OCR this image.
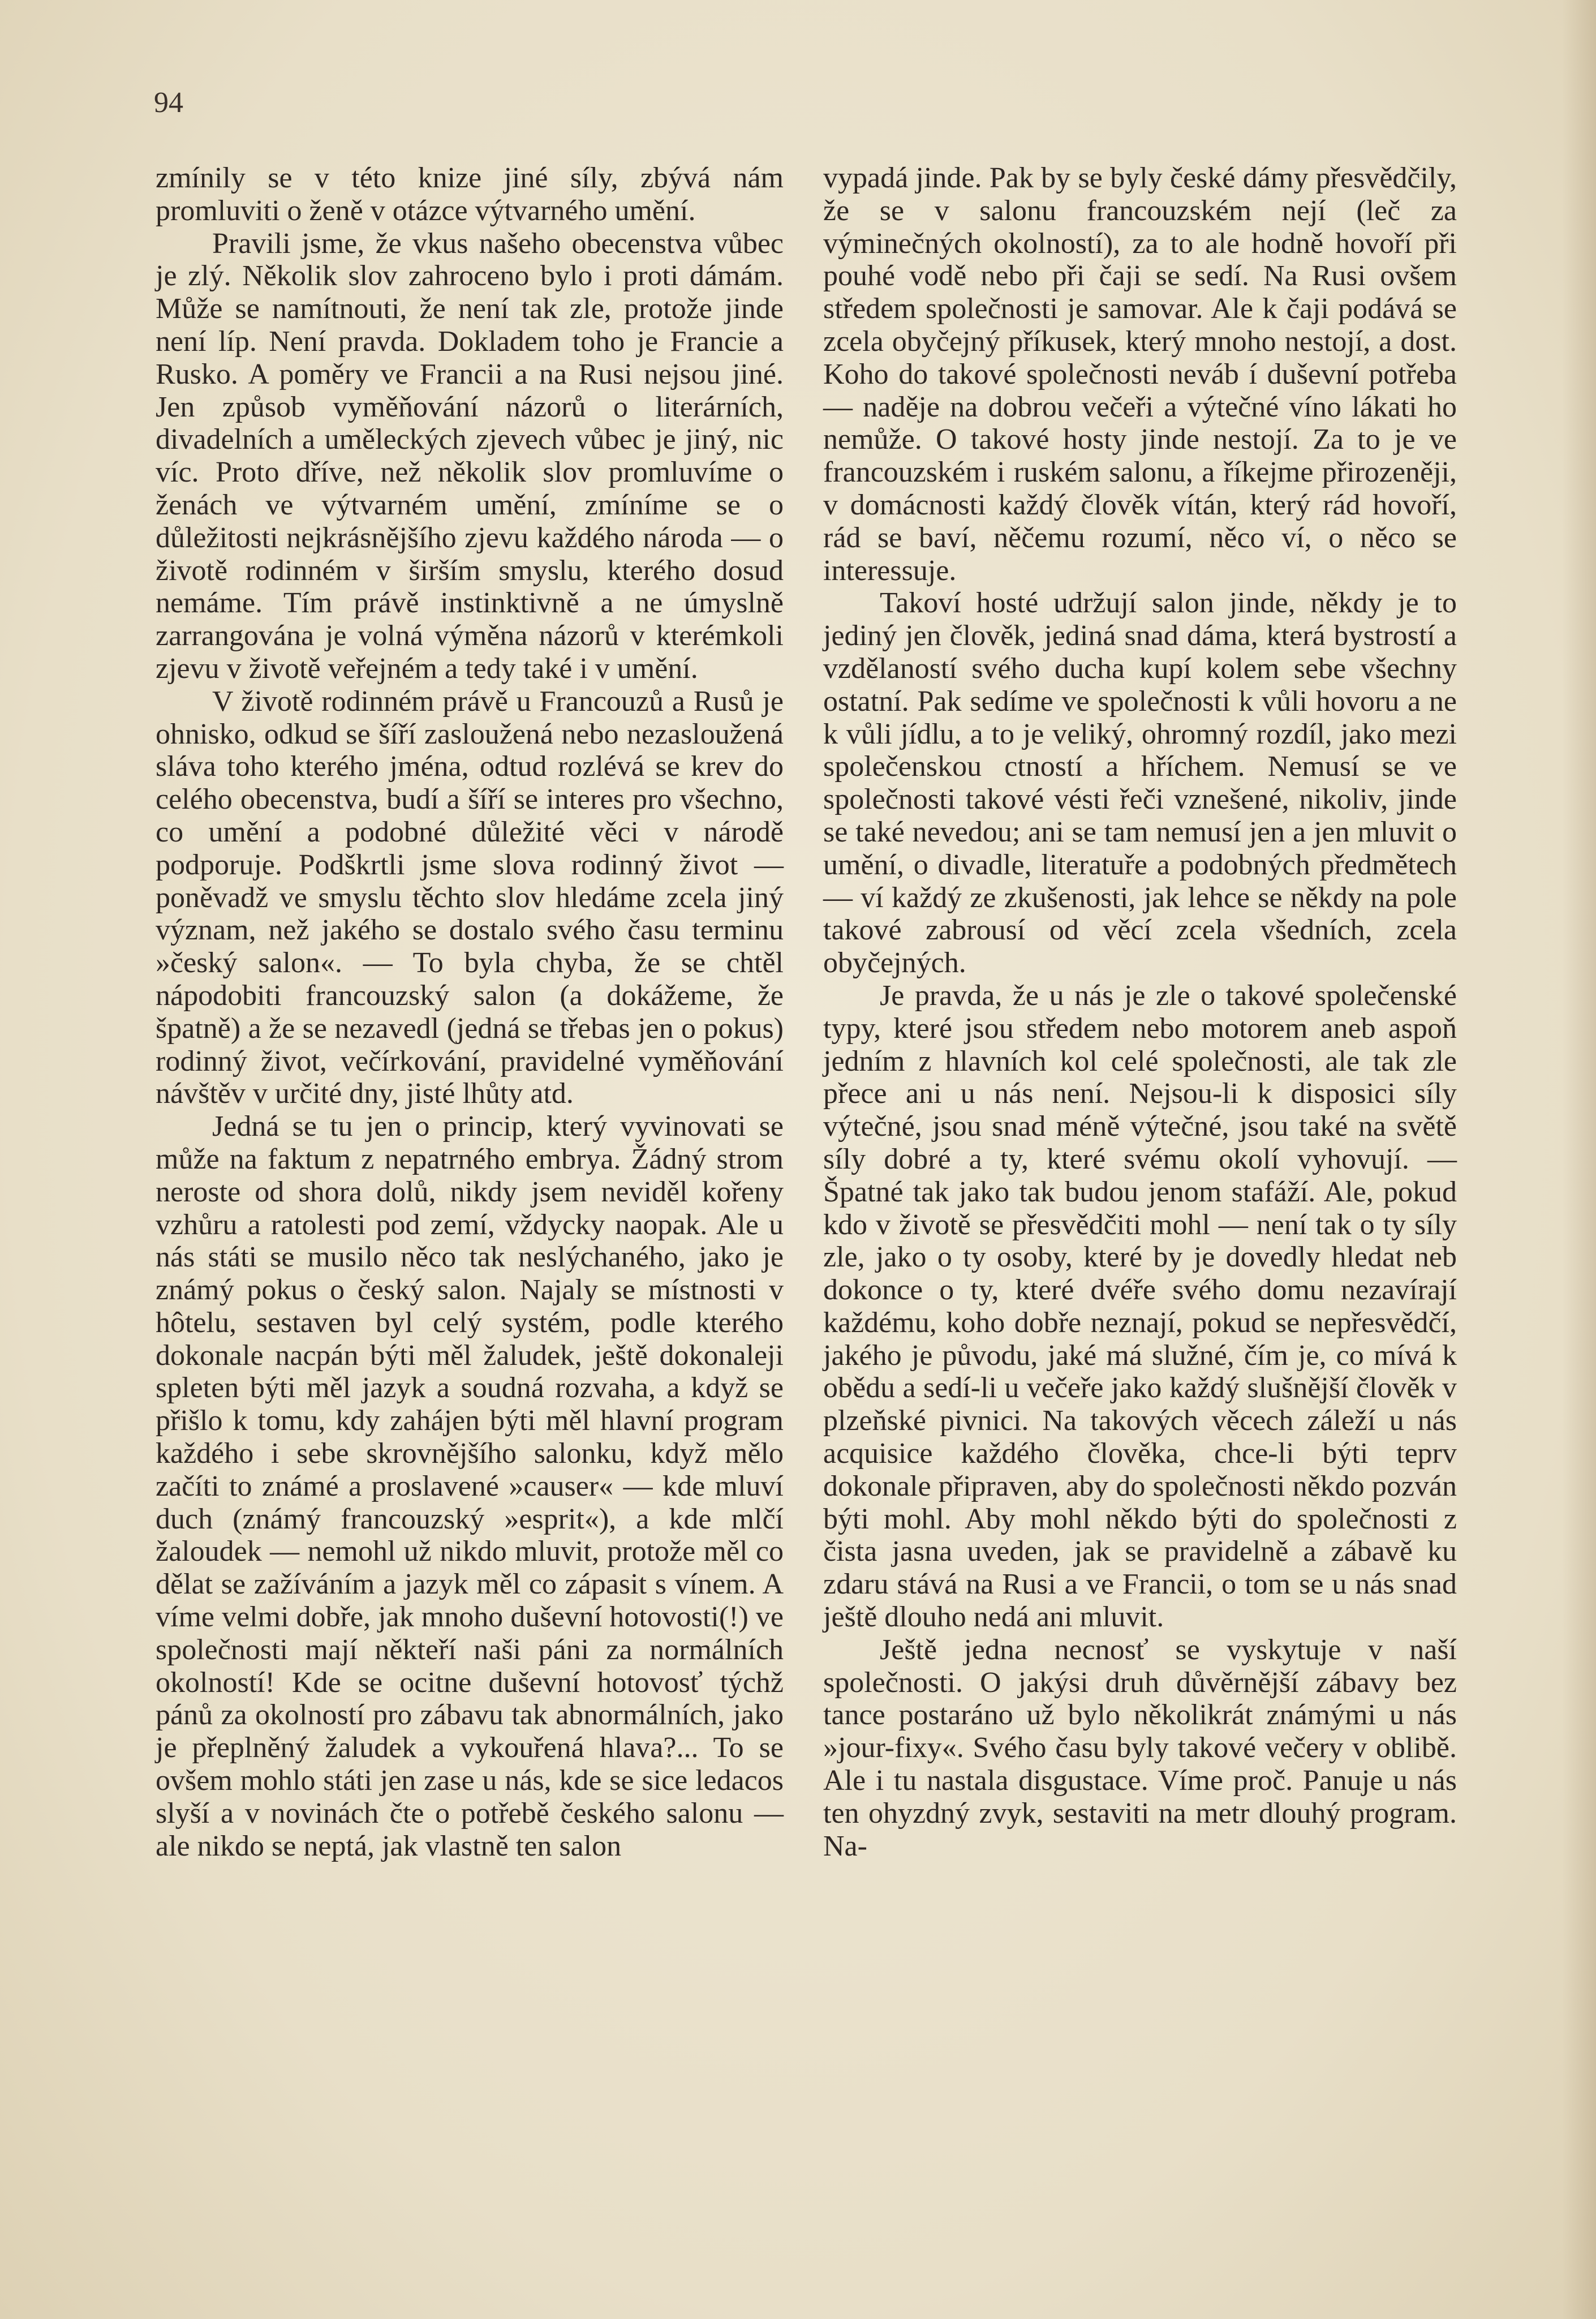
94

zmínily se v této knize jiné síly, zbývá nám promluviti o ženě v otázce výtvarného umění.

Pravili jsme, že vkus našeho obecenstva vůbec je zlý. Několik slov zahroceno bylo i proti dámám. Může se namítnouti, že není tak zle, protože jinde není líp. Není pravda. Dokladem toho je Francie a Rusko. A poměry ve Francii a na Rusi nejsou jiné. Jen způsob vyměňování názorů o literárních, divadelních a uměleckých zjevech vůbec je jiný, nic víc. Proto dříve, než několik slov promluvíme o ženách ve výtvarném umění, zmíníme se o důležitosti nejkrásnějšího zjevu každého národa — o životě rodinném v širším smyslu, kterého dosud nemáme. Tím právě instinktivně a ne úmyslně zarrangována je volná výměna názorů v kterémkoli zjevu v životě veřejném a tedy také i v umění.

V životě rodinném právě u Francouzů a Rusů je ohnisko, odkud se šíří zasloužená nebo nezasloužená sláva toho kterého jména, odtud rozlévá se krev do celého obecenstva, budí a šíří se interes pro všechno, co umění a podobné důležité věci v národě podporuje. Podškrtli jsme slova rodinný život — poněvadž ve smyslu těchto slov hledáme zcela jiný význam, než jakého se dostalo svého času terminu »český salon«. — To byla chyba, že se chtěl nápodobiti francouzský salon (a dokážeme, že špatně) a že se nezavedl (jedná se třebas jen o pokus) rodinný život, večírkování, pravidelné vyměňování návštěv v určité dny, jisté lhůty atd.

Jedná se tu jen o princip, který vyvinovati se může na faktum z nepatrného embrya. Žádný strom neroste od shora dolů, nikdy jsem neviděl kořeny vzhůru a ratolesti pod zemí, vždycky naopak. Ale u nás státi se musilo něco tak neslýchaného, jako je známý pokus o český salon. Najaly se místnosti v hôtelu, sestaven byl celý systém, podle kterého dokonale nacpán býti měl žaludek, ještě dokonaleji spleten býti měl jazyk a soudná rozvaha, a když se přišlo k tomu, kdy zahájen býti měl hlavní program každého i sebe skrovnějšího salonku, když mělo začíti to známé a proslavené »causer« — kde mluví duch (známý francouzský »esprit«), a kde mlčí žaloudek — nemohl už nikdo mluvit, protože měl co dělat se zažíváním a jazyk měl co zápasit s vínem. A víme velmi dobře, jak mnoho duševní hotovosti(!) ve společnosti mají někteří naši páni za normálních okolností! Kde se ocitne duševní hotovosť týchž pánů za okolností pro zábavu tak abnormálních, jako je přeplněný žaludek a vykouřená hlava?... To se ovšem mohlo státi jen zase u nás, kde se sice ledacos slyší a v novinách čte o potřebě českého salonu — ale nikdo se neptá, jak vlastně ten salon

vypadá jinde. Pak by se byly české dámy přesvědčily, že se v salonu francouzském nejí (leč za výminečných okolností), za to ale hodně hovoří při pouhé vodě nebo při čaji se sedí. Na Rusi ovšem středem společnosti je samovar. Ale k čaji podává se zcela obyčejný příkusek, který mnoho nestojí, a dost. Koho do takové společnosti neváb í duševní potřeba — naděje na dobrou večeři a výtečné víno lákati ho nemůže. O takové hosty jinde nestojí. Za to je ve francouzském i ruském salonu, a říkejme přirozeněji, v domácnosti každý člověk vítán, který rád hovoří, rád se baví, něčemu rozumí, něco ví, o něco se interessuje.

Takoví hosté udržují salon jinde, někdy je to jediný jen člověk, jediná snad dáma, která bystrostí a vzdělaností svého ducha kupí kolem sebe všechny ostatní. Pak sedíme ve společnosti k vůli hovoru a ne k vůli jídlu, a to je veliký, ohromný rozdíl, jako mezi společenskou ctností a hříchem. Nemusí se ve společnosti takové vésti řeči vznešené, nikoliv, jinde se také nevedou; ani se tam nemusí jen a jen mluvit o umění, o divadle, literatuře a podobných předmětech — ví každý ze zkušenosti, jak lehce se někdy na pole takové zabrousí od věcí zcela všedních, zcela obyčejných.

Je pravda, že u nás je zle o takové společenské typy, které jsou středem nebo motorem aneb aspoň jedním z hlavních kol celé společnosti, ale tak zle přece ani u nás není. Nejsou-li k disposici síly výtečné, jsou snad méně výtečné, jsou také na světě síly dobré a ty, které svému okolí vyhovují. — Špatné tak jako tak budou jenom stafáží. Ale, pokud kdo v životě se přesvědčiti mohl — není tak o ty síly zle, jako o ty osoby, které by je dovedly hledat neb dokonce o ty, které dvéře svého domu nezavírají každému, koho dobře neznají, pokud se nepřesvědčí, jakého je původu, jaké má služné, čím je, co mívá k obědu a sedí-li u večeře jako každý slušnější člověk v plzeňské pivnici. Na takových věcech záleží u nás acquisice každého člověka, chce-li býti teprv dokonale připraven, aby do společnosti někdo pozván býti mohl. Aby mohl někdo býti do společnosti z čista jasna uveden, jak se pravidelně a zábavě ku zdaru stává na Rusi a ve Francii, o tom se u nás snad ještě dlouho nedá ani mluvit.

Ještě jedna necnosť se vyskytuje v naší společnosti. O jakýsi druh důvěrnější zábavy bez tance postaráno už bylo několikrát známými u nás »jour-fixy«. Svého času byly takové večery v oblibě. Ale i tu nastala disgustace. Víme proč. Panuje u nás ten ohyzdný zvyk, sestaviti na metr dlouhý program. Na-
